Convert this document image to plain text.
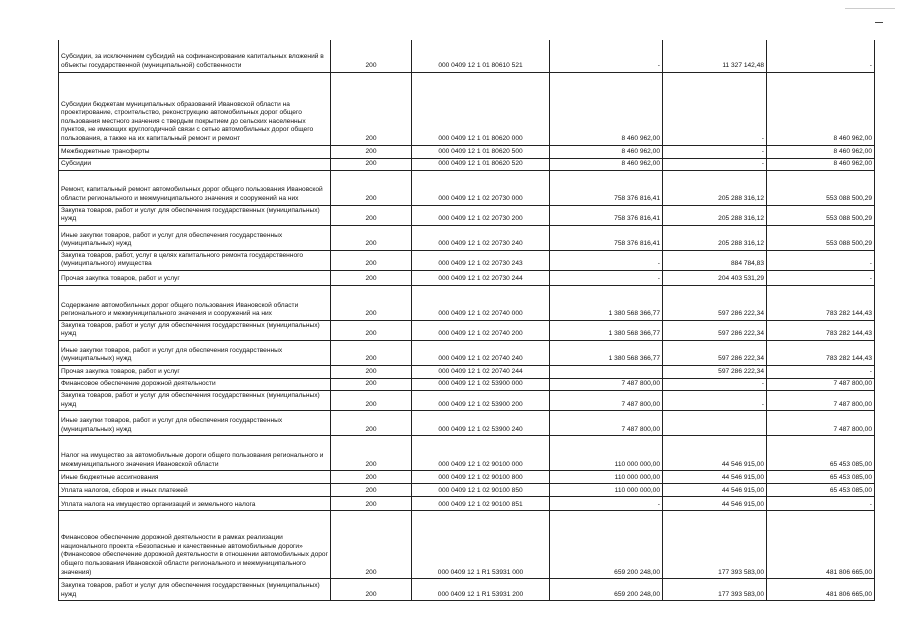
Субсидии, за исключением субсидий на софинансирование капитальных вложений в объекты государственной (муниципальной) собственности	200	000 0409 12 1 01 80610 521	-	11 327 142,48	-
Субсидии бюджетам муниципальных образований Ивановской области на проектирование, строительство, реконструкцию автомобильных дорог общего пользования местного значения с твердым покрытием до сельских населенных пунктов, не имеющих круглогодичной связи с сетью автомобильных дорог общего пользования, а также на их капитальный ремонт и ремонт	200	000 0409 12 1 01 80620 000	8 460 962,00	-	8 460 962,00
Межбюджетные трансферты	200	000 0409 12 1 01 80620 500	8 460 962,00	-	8 460 962,00
Субсидии	200	000 0409 12 1 01 80620 520	8 460 962,00	-	8 460 962,00
Ремонт, капитальный ремонт автомобильных дорог общего пользования Ивановской области регионального и межмуниципального значения и сооружений на них	200	000 0409 12 1 02 20730 000	758 376 816,41	205 288 316,12	553 088 500,29
Закупка товаров, работ и услуг для обеспечения государственных (муниципальных) нужд	200	000 0409 12 1 02 20730 200	758 376 816,41	205 288 316,12	553 088 500,29
Иные закупки товаров, работ и услуг для обеспечения государственных (муниципальных) нужд	200	000 0409 12 1 02 20730 240	758 376 816,41	205 288 316,12	553 088 500,29
Закупка товаров, работ, услуг в целях капитального ремонта государственного (муниципального) имущества	200	000 0409 12 1 02 20730 243	-	884 784,83	-
Прочая закупка товаров, работ и услуг	200	000 0409 12 1 02 20730 244	-	204 403 531,29	-
Содержание автомобильных дорог общего пользования Ивановской области регионального и межмуниципального значения и сооружений на них	200	000 0409 12 1 02 20740 000	1 380 568 366,77	597 286 222,34	783 282 144,43
Закупка товаров, работ и услуг для обеспечения государственных (муниципальных) нужд	200	000 0409 12 1 02 20740 200	1 380 568 366,77	597 286 222,34	783 282 144,43
Иные закупки товаров, работ и услуг для обеспечения государственных (муниципальных) нужд	200	000 0409 12 1 02 20740 240	1 380 568 366,77	597 286 222,34	783 282 144,43
Прочая закупка товаров, работ и услуг	200	000 0409 12 1 02 20740 244		597 286 222,34	-
Финансовое обеспечение дорожной деятельности	200	000 0409 12 1 02 53900 000	7 487 800,00	-	7 487 800,00
Закупка товаров, работ и услуг для обеспечения государственных (муниципальных) нужд	200	000 0409 12 1 02 53900 200	7 487 800,00	-	7 487 800,00
Иные закупки товаров, работ и услуг для обеспечения государственных (муниципальных) нужд	200	000 0409 12 1 02 53900 240	7 487 800,00		7 487 800,00
Налог на имущество за автомобильные дороги общего пользования регионального и межмуниципального значения Ивановской области	200	000 0409 12 1 02 90100 000	110 000 000,00	44 546 915,00	65 453 085,00
Иные бюджетные ассигнования	200	000 0409 12 1 02 90100 800	110 000 000,00	44 546 915,00	65 453 085,00
Уплата налогов, сборов и иных платежей	200	000 0409 12 1 02 90100 850	110 000 000,00	44 546 915,00	65 453 085,00
Уплата налога на имущество организаций и земельного налога	200	000 0409 12 1 02 90100 851	-	44 546 915,00	-
Финансовое обеспечение дорожной деятельности в рамках реализации национального проекта «Безопасные и качественные автомобильные дороги» (Финансовое обеспечение дорожной деятельности в отношении автомобильных дорог общего пользования Ивановской области регионального и межмуниципального значения)	200	000 0409 12 1 R1 53931 000	659 200 248,00	177 393 583,00	481 806 665,00
Закупка товаров, работ и услуг для обеспечения государственных (муниципальных) нужд	200	000 0409 12 1 R1 53931 200	659 200 248,00	177 393 583,00	481 806 665,00
